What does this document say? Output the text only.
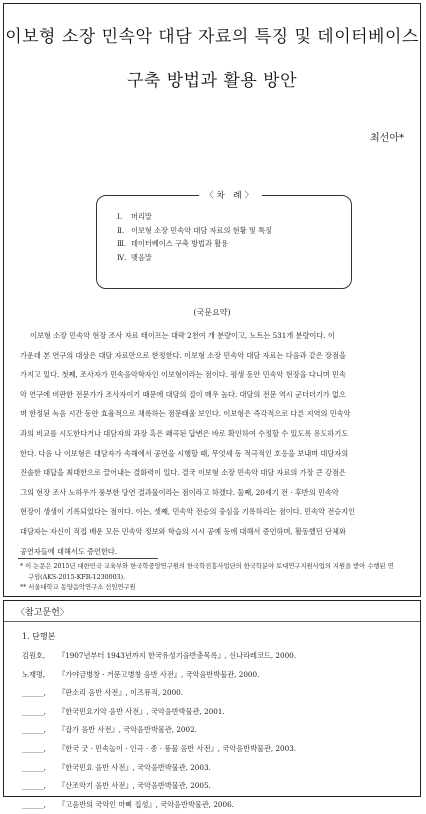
이보형 소장 민속악 대담 자료의 특징 및 데이터베이스
구축 방법과 활용 방안
최선아*
〈차 례〉
Ⅰ. 머리말
Ⅱ. 이보형 소장 민속악 대담 자료의 현황 및 특징
Ⅲ. 데이터베이스 구축 방법과 활용
Ⅳ. 맺음말
(국문요약)
이보형 소장 민속악 현장 조사 자료 테이프는 대략 2천여 개 분량이고, 노트는 531개 분량이다. 이
가운데 본 연구의 대상은 대담 자료만으로 한정한다. 이보형 소장 민속악 대담 자료는 다음과 같은 장점을
가지고 있다. 첫째, 조사자가 민속음악학자인 이보형이라는 점이다. 평생 동안 민속악 현장을 다니며 민속
악 연구에 비판한 전문가가 조사자이기 때문에 대담의 질이 매우 높다. 대담의 전문 역시 군더더기가 없으
며 한정된 녹음 시간 동안 효율적으로 채록하는 점문태울 보인다. 이보형은 즉각적으로 다른 지역의 민속악
과의 비교를 시도한다거나 대담자의 과장 혹은 왜곡된 답변은 바로 확인하여 수정할 수 있도록 유도하기도
한다. 다음 나 이보형은 대담자가 속해에서 공연을 시행할 때, 무엇세 동 적극적인 호응을 보내며 대담자의
진솔한 대답을 최대한으로 끌어내는 결화력이 있다. 결국 이보형 소장 민속악 대담 자료의 가장 큰 강점은
그의 현장 조사 노하우가 풍부한 당연 결과물이라는 점이라고 하겠다. 둘째, 20세기 전 · 후반의 민속악
현장이 생생이 기록되었다는 점이다. 이는, 셋째, 민속악 전승의 중심을 기록하리는 점이다. 민속악 전승지인
대담자는 자신이 직접 배운 모든 민속악 정보와 학습의 시시 공예 등에 대해서 증언하며, 활동했던 단체와
공연자들에 대해서도 증언한다.
* 이 논문은 2015년 대한민국 교육부와 한국학중앙연구원의 한국학진흥사업단의 한국학분야 토대연구지원사업의 지원을 받아 수행된 연
구임(AKS-2015-KFR-1230003).
** 서울대학교 동양음악연구소 선임연구원
〈참고문헌〉
1. 단행본
김원호, 『1907년부터 1943년까지 한국유성기음반총목록』, 신나라레코드, 2000.
노재명, 『가야금병창 · 거문고병창 음반 사전』, 국악음반박물관, 2000.
______, 『판소리 음반 사전』, 이즈뮤직, 2000.
______, 『한국민요기악 음반 사전』, 국악음반박물관, 2001.
______, 『잡가 음반 사전』, 국악음반박물관, 2002.
______, 『한국 굿 · 민속놀이 · 인극 · 종 · 풍물 음반 사전』, 국악음반박물관, 2003.
______, 『한국민요 음반 사전』, 국악음반박물관, 2003.
______, 『산조악기 음반 사전』, 국악음반박물관, 2005.
______, 『고음반의 국악인 마삐 집성』, 국악음반박물관, 2006.
